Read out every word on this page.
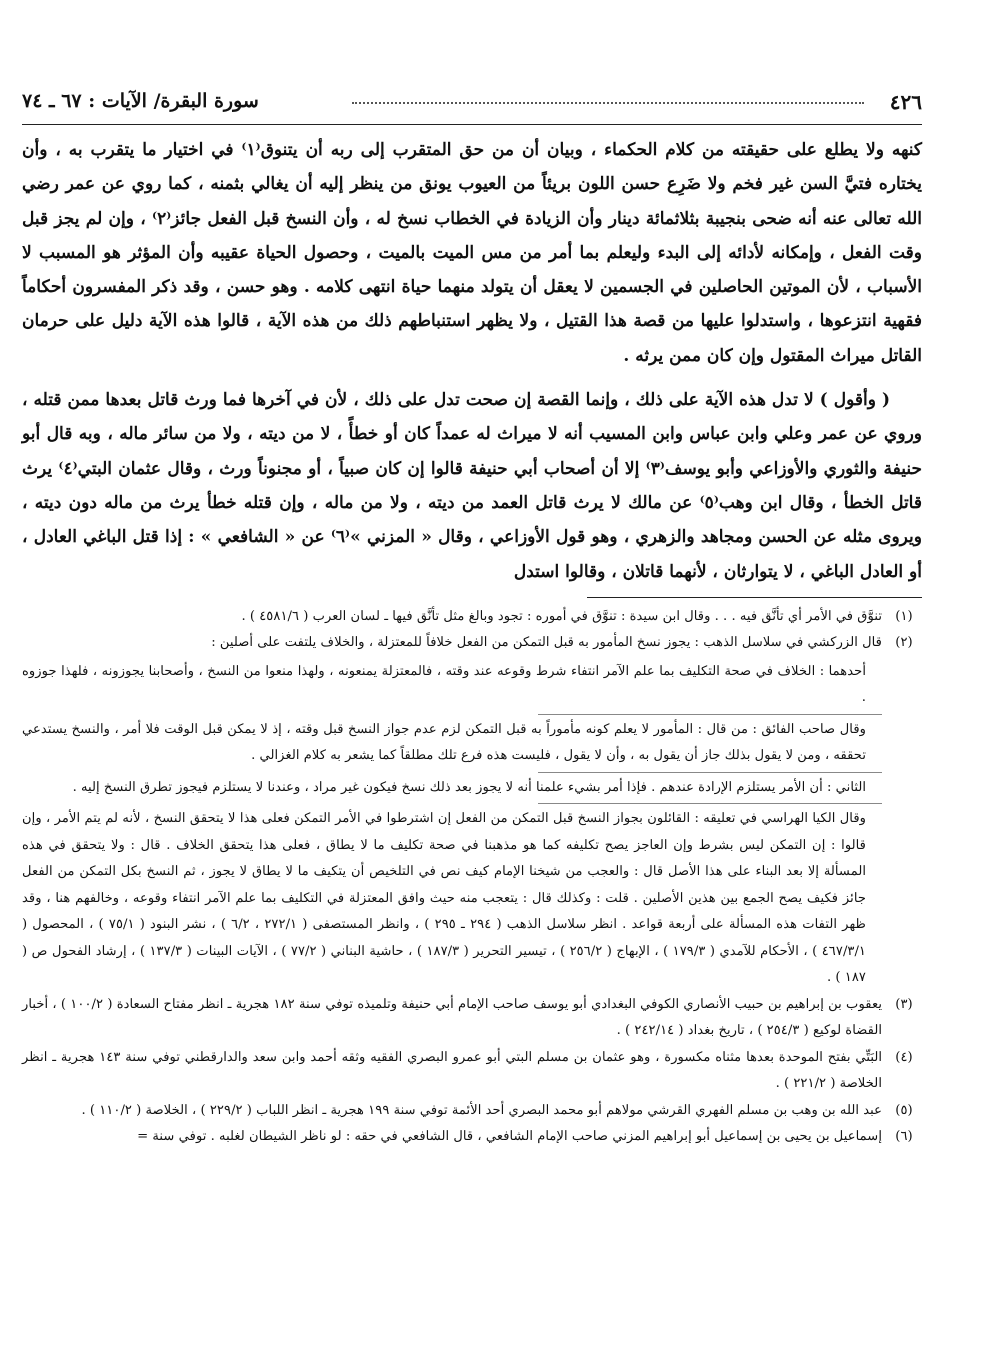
٤٢٦
سورة البقرة/ الآيات : ٦٧ ـ ٧٤

كنهه ولا يطلع على حقيقته من كلام الحكماء ، وبيان أن من حق المتقرب إلى ربه أن يتنوق⁽١⁾ في اختيار ما يتقرب به ، وأن يختاره فتيَّ السن غير فخم ولا ضَرِع حسن اللون بريئاً من العيوب يونق من ينظر إليه أن يغالي بثمنه ، كما روي عن عمر رضي الله تعالى عنه أنه ضحى بنجيبة بثلاثمائة دينار وأن الزيادة في الخطاب نسخ له ، وأن النسخ قبل الفعل جائز⁽٢⁾ ، وإن لم يجز قبل وقت الفعل ، وإمكانه لأدائه إلى البدء وليعلم بما أمر من مس الميت بالميت ، وحصول الحياة عقيبه وأن المؤثر هو المسبب لا الأسباب ، لأن الموتين الحاصلين في الجسمين لا يعقل أن يتولد منهما حياة انتهى كلامه . وهو حسن ، وقد ذكر المفسرون أحكاماً فقهية انتزعوها ، واستدلوا عليها من قصة هذا القتيل ، ولا يظهر استنباطهم ذلك من هذه الآية ، قالوا هذه الآية دليل على حرمان القاتل ميراث المقتول وإن كان ممن يرثه .

( وأقول ) لا تدل هذه الآية على ذلك ، وإنما القصة إن صحت تدل على ذلك ، لأن في آخرها فما ورث قاتل بعدها ممن قتله ، وروي عن عمر وعلي وابن عباس وابن المسيب أنه لا ميراث له عمداً كان أو خطأً ، لا من ديته ، ولا من سائر ماله ، وبه قال أبو حنيفة والثوري والأوزاعي وأبو يوسف⁽٣⁾ إلا أن أصحاب أبي حنيفة قالوا إن كان صبياً ، أو مجنوناً ورث ، وقال عثمان البتي⁽٤⁾ يرث قاتل الخطأ ، وقال ابن وهب⁽٥⁾ عن مالك لا يرث قاتل العمد من ديته ، ولا من ماله ، وإن قتله خطأ يرث من ماله دون ديته ، ويروى مثله عن الحسن ومجاهد والزهري ، وهو قول الأوزاعي ، وقال « المزني »⁽٦⁾ عن « الشافعي » : إذا قتل الباغي العادل ، أو العادل الباغي ، لا يتوارثان ، لأنهما قاتلان ، وقالوا استدل

(١)
تنوَّق في الأمر أي تأنَّق فيه . . . وقال ابن سيدة : تنوَّق في أموره : تجود وبالغ مثل تأنَّق فيها ـ لسان العرب ( ٤٥٨١/٦ ) .
(٢)
قال الزركشي في سلاسل الذهب : يجوز نسخ المأمور به قبل التمكن من الفعل خلافاً للمعتزلة ، والخلاف يلتفت على أصلين :

أحدهما : الخلاف في صحة التكليف بما علم الآمر انتفاء شرط وقوعه عند وقته ، فالمعتزلة يمنعونه ، ولهذا منعوا من النسخ ، وأصحابنا يجوزونه ، فلهذا جوزوه .

وقال صاحب الفائق : من قال : المأمور لا يعلم كونه مأموراً به قبل التمكن لزم عدم جواز النسخ قبل وقته ، إذ لا يمكن قبل الوقت فلا أمر ، والنسخ يستدعي تحققه ، ومن لا يقول بذلك جاز أن يقول به ، وأن لا يقول ، فليست هذه فرع تلك مطلقاً كما يشعر به كلام الغزالي .

الثاني : أن الأمر يستلزم الإرادة عندهم . فإذا أمر بشيء علمنا أنه لا يجوز بعد ذلك نسخ فيكون غير مراد ، وعندنا لا يستلزم فيجوز تطرق النسخ إليه .

وقال الكيا الهراسي في تعليقه : القائلون بجواز النسخ قبل التمكن من الفعل إن اشترطوا في الأمر التمكن فعلى هذا لا يتحقق النسخ ، لأنه لم يتم الأمر ، وإن قالوا : إن التمكن ليس بشرط وإن العاجز يصح تكليفه كما هو مذهبنا في صحة تكليف ما لا يطاق ، فعلى هذا يتحقق الخلاف . قال : ولا يتحقق في هذه المسألة إلا بعد البناء على هذا الأصل قال : والعجب من شيخنا الإمام كيف نص في التلخيص أن يتكيف ما لا يطاق لا يجوز ، ثم النسخ بكل التمكن من الفعل جائز فكيف يصح الجمع بين هذين الأصلين . قلت : وكذلك قال : يتعجب منه حيث وافق المعتزلة في التكليف بما علم الآمر انتفاء وقوعه ، وخالفهم هنا ، وقد ظهر التفات هذه المسألة على أربعة قواعد . انظر سلاسل الذهب ( ٢٩٤ ـ ٢٩٥ ) ، وانظر المستصفى ( ٢٧٢/١ ، ٦/٢ ) ، نشر البنود ( ٧٥/١ ) ، المحصول ( ٤٦٧/٣/١ ) ، الأحكام للآمدي ( ١٧٩/٣ ) ، الإبهاج ( ٢٥٦/٢ ) ، تيسير التحرير ( ١٨٧/٣ ) ، حاشية البناني ( ٧٧/٢ ) ، الآيات البينات ( ١٣٧/٣ ) ، إرشاد الفحول ص ( ١٨٧ ) .

(٣)
يعقوب بن إبراهيم بن حبيب الأنصاري الكوفي البغدادي أبو يوسف صاحب الإمام أبي حنيفة وتلميذه توفي سنة ١٨٢ هجرية ـ انظر مفتاح السعادة ( ١٠٠/٢ ) ، أخبار القضاة لوكيع ( ٢٥٤/٣ ) ، تاريخ بغداد ( ٢٤٢/١٤ ) .
(٤)
البَتِّي بفتح الموحدة بعدها مثناه مكسورة ، وهو عثمان بن مسلم البتي أبو عمرو البصري الفقيه وثقه أحمد وابن سعد والدارقطني توفي سنة ١٤٣ هجرية ـ انظر الخلاصة ( ٢٢١/٢ ) .
(٥)
عبد الله بن وهب بن مسلم الفهري القرشي مولاهم أبو محمد البصري أحد الأئمة توفي سنة ١٩٩ هجرية ـ انظر اللباب ( ٢٢٩/٢ ) ، الخلاصة ( ١١٠/٢ ) .
(٦)
إسماعيل بن يحيى بن إسماعيل أبو إبراهيم المزني صاحب الإمام الشافعي ، قال الشافعي في حقه : لو ناظر الشيطان لغلبه . توفي سنة =
